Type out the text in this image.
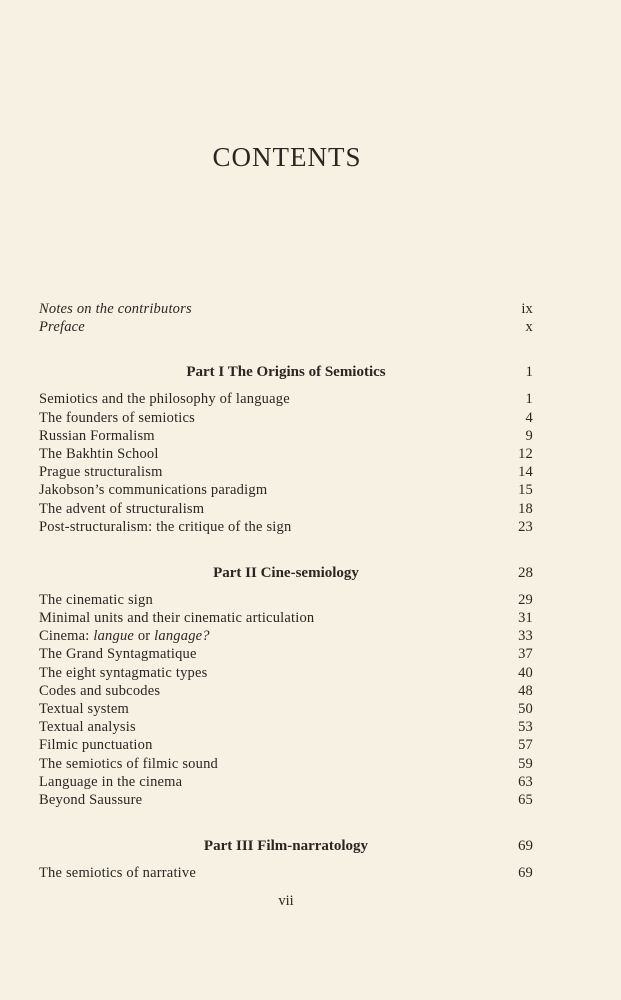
CONTENTS
Notes on the contributors	ix
Preface	x
Part I The Origins of Semiotics	1
Semiotics and the philosophy of language	1
The founders of semiotics	4
Russian Formalism	9
The Bakhtin School	12
Prague structuralism	14
Jakobson’s communications paradigm	15
The advent of structuralism	18
Post-structuralism: the critique of the sign	23
Part II Cine-semiology	28
The cinematic sign	29
Minimal units and their cinematic articulation	31
Cinema: langue or langage?	33
The Grand Syntagmatique	37
The eight syntagmatic types	40
Codes and subcodes	48
Textual system	50
Textual analysis	53
Filmic punctuation	57
The semiotics of filmic sound	59
Language in the cinema	63
Beyond Saussure	65
Part III Film-narratology	69
The semiotics of narrative	69
vii
